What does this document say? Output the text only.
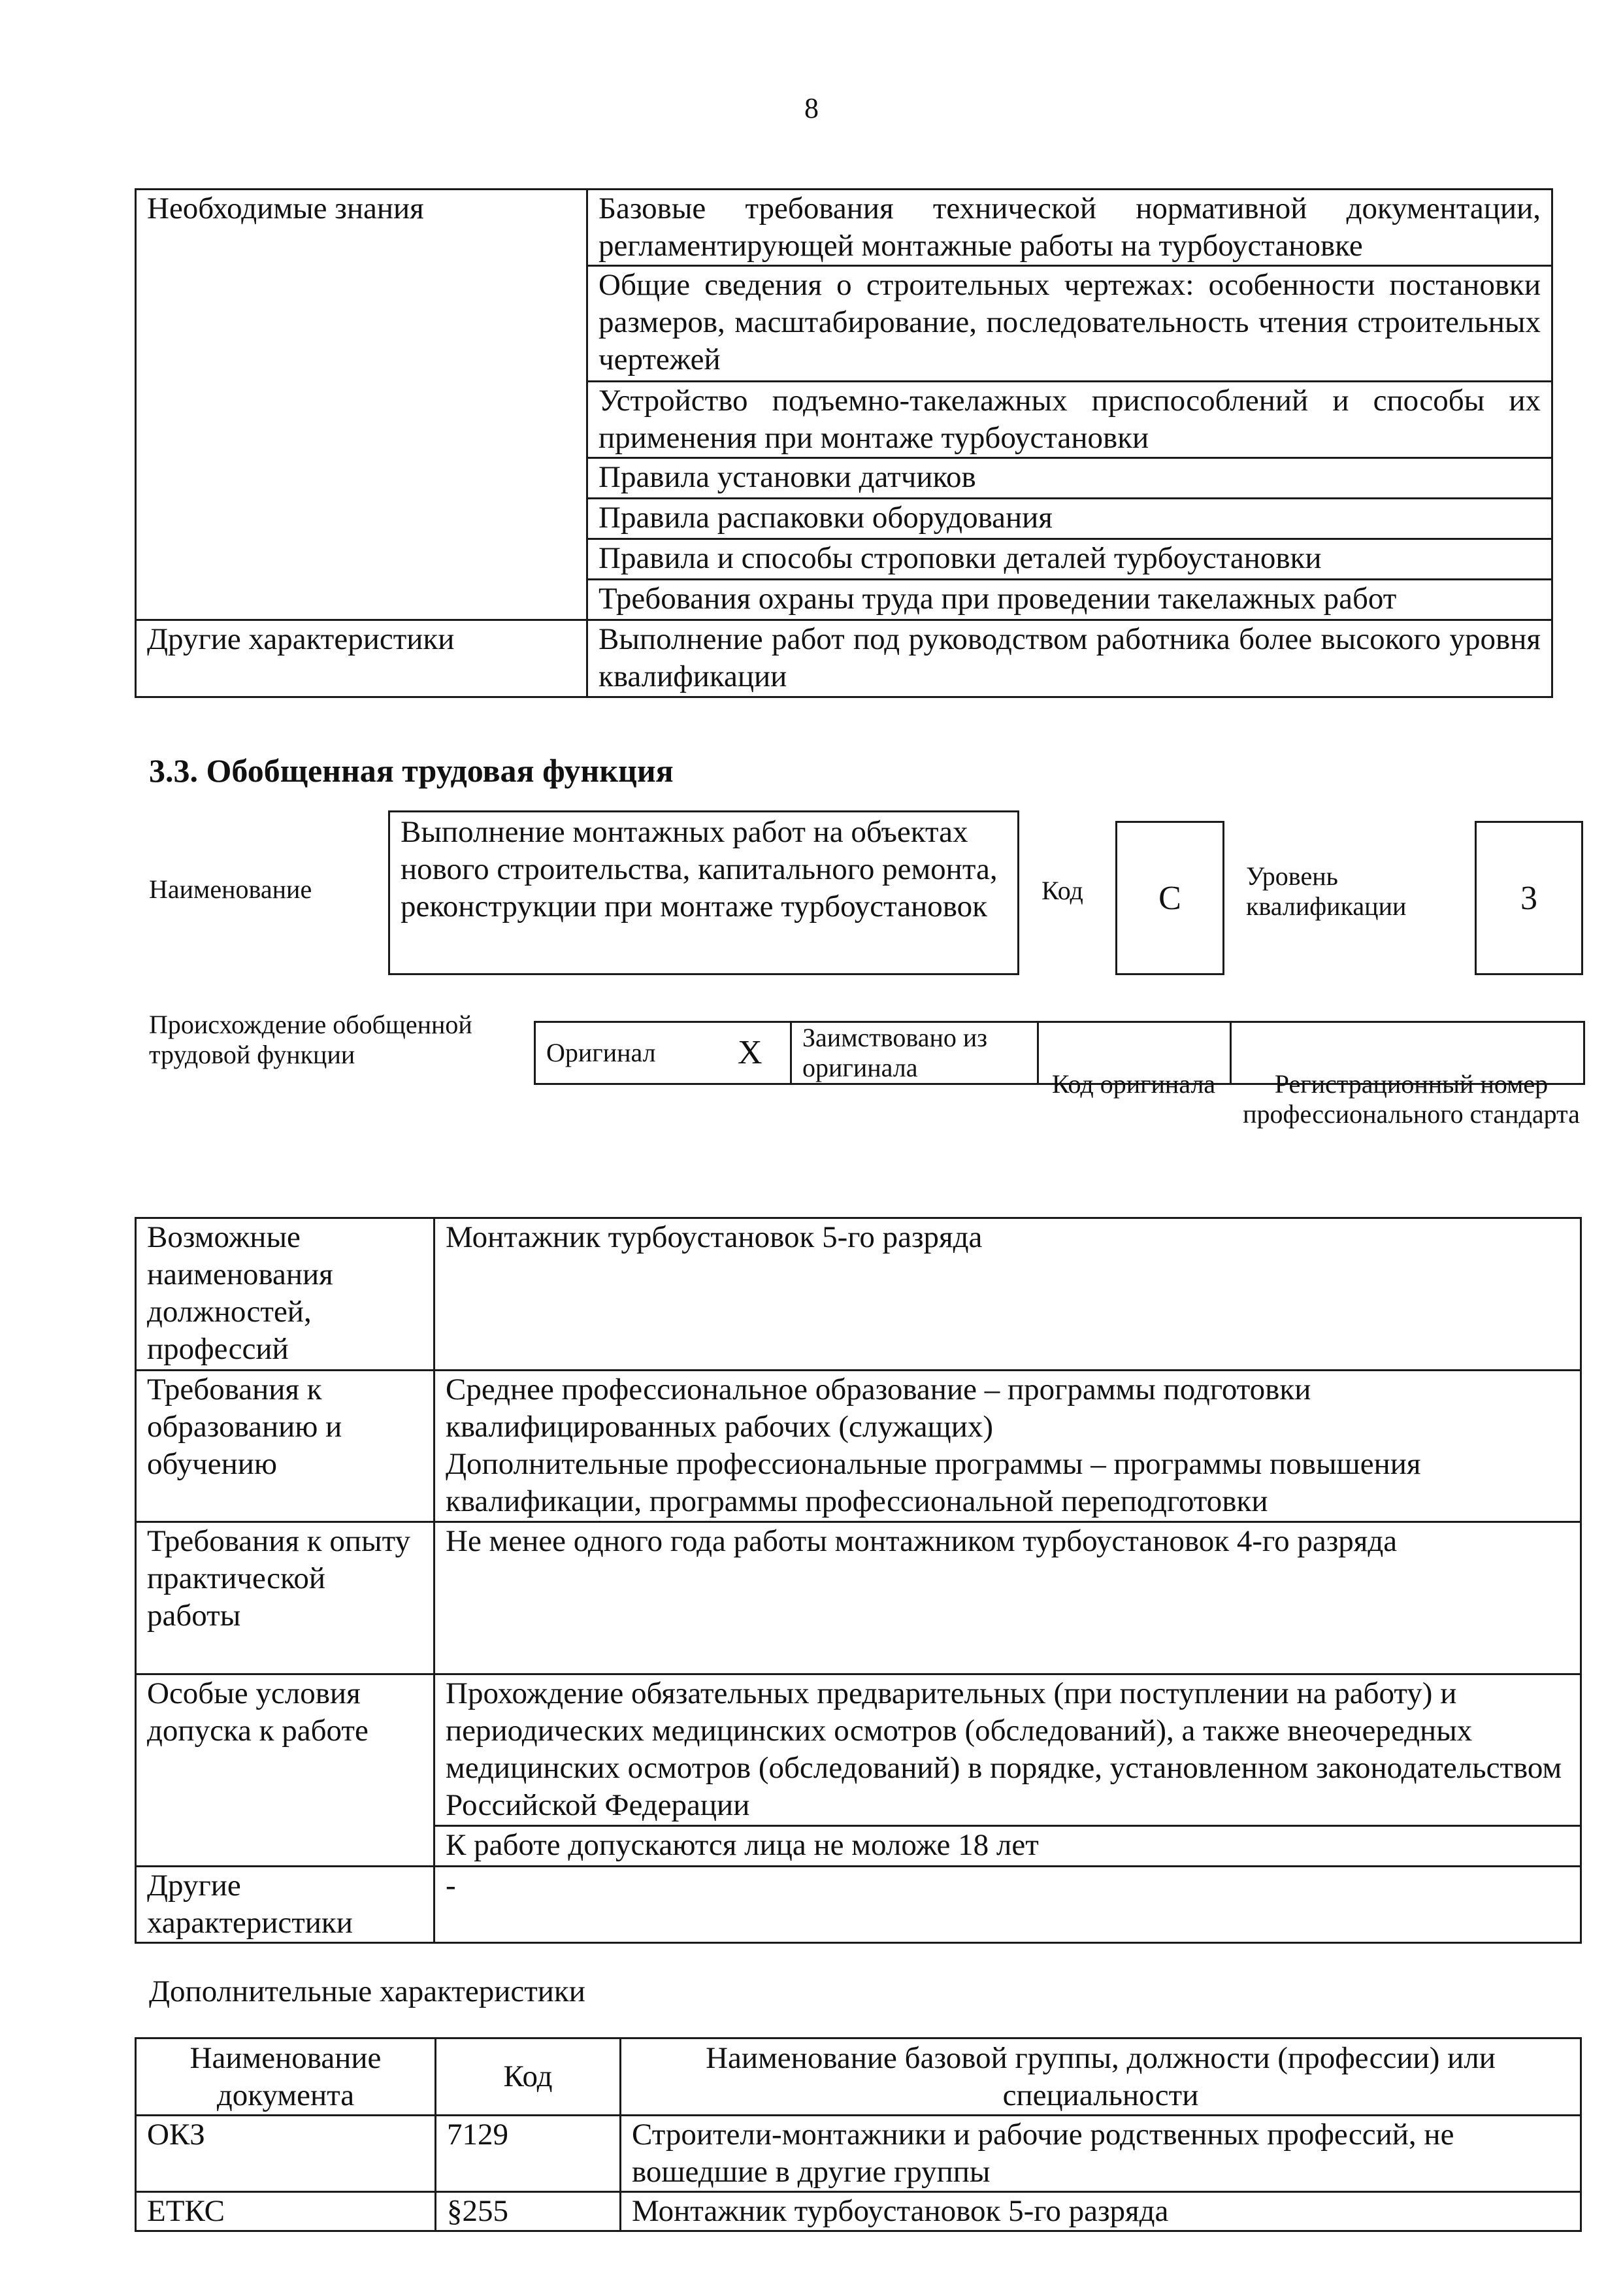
8
Необходимые знания	Базовые требования технической нормативной документации, регламентирующей монтажные работы на турбоустановке
	Общие сведения о строительных чертежах: особенности постановки размеров, масштабирование, последовательность чтения строительных чертежей
	Устройство подъемно-такелажных приспособлений и способы их применения при монтаже турбоустановки
	Правила установки датчиков
	Правила распаковки оборудования
	Правила и способы строповки деталей турбоустановки
	Требования охраны труда при проведении такелажных работ
Другие характеристики	Выполнение работ под руководством работника более высокого уровня квалификации
3.3. Обобщенная трудовая функция
Наименование
Выполнение монтажных работ на объектах нового строительства, капитального ремонта, реконструкции при монтаже турбоустановок	Код	С
Уровень квалификации	3
Происхождение обобщенной трудовой функции	Оригинал	X	Заимствовано из оригинала		
Код оригинала	Регистрационный номер профессионального стандарта
Возможные наименования должностей, профессий	Монтажник турбоустановок 5-го разряда
Требования к образованию и обучению	Среднее профессиональное образование – программы подготовки квалифицированных рабочих (служащих)
Дополнительные профессиональные программы – программы повышения квалификации, программы профессиональной переподготовки
Требования к опыту практической работы	Не менее одного года работы монтажником турбоустановок 4-го разряда
Особые условия допуска к работе	Прохождение обязательных предварительных (при поступлении на работу) и периодических медицинских осмотров (обследований), а также внеочередных медицинских осмотров (обследований) в порядке, установленном законодательством Российской Федерации
	К работе допускаются лица не моложе 18 лет
Другие характеристики	-
Дополнительные характеристики
Наименование документа	Код	Наименование базовой группы, должности (профессии) или специальности
ОКЗ	7129	Строители-монтажники и рабочие родственных профессий, не вошедшие в другие группы
ЕТКС	§255	Монтажник турбоустановок 5-го разряда
